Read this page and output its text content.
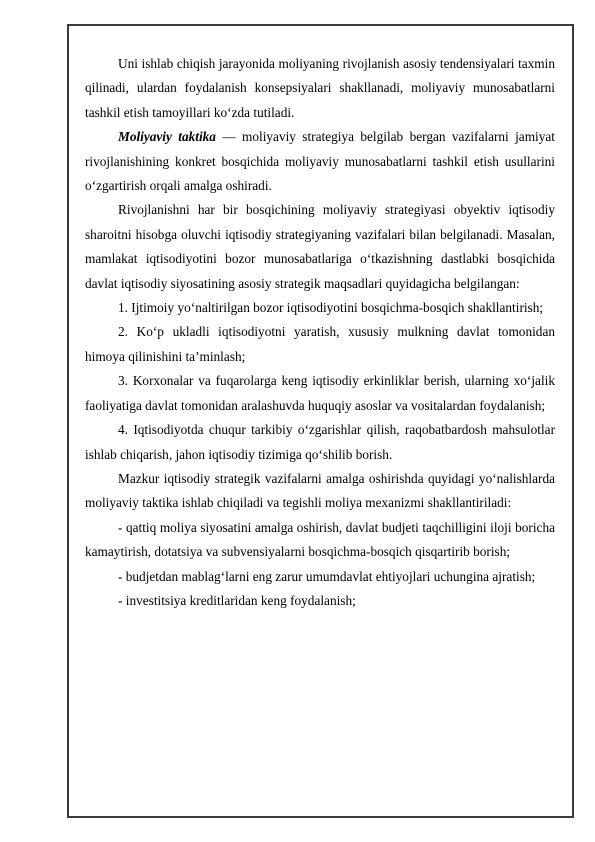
Uni ishlab chiqish jarayonida moliyaning rivojlanish asosiy tendensiyalari taxmin qilinadi, ulardan foydalanish konsepsiyalari shakllanadi, moliyaviy munosabatlarni tashkil etish tamoyillari ko‘zda tutiladi.

Moliyaviy taktika — moliyaviy strategiya belgilab bergan vazifalarni jamiyat rivojlanishining konkret bosqichida moliyaviy munosabatlarni tashkil etish usullarini o‘zgartirish orqali amalga oshiradi.

Rivojlanishni har bir bosqichining moliyaviy strategiyasi obyektiv iqtisodiy sharoitni hisobga oluvchi iqtisodiy strategiyaning vazifalari bilan belgilanadi. Masalan, mamlakat iqtisodiyotini bozor munosabatlariga o‘tkazishning dastlabki bosqichida davlat iqtisodiy siyosatining asosiy strategik maqsadlari quyidagicha belgilangan:

1. Ijtimoiy yo‘naltirilgan bozor iqtisodiyotini bosqichma-bosqich shakllantirish;

2. Ko‘p ukladli iqtisodiyotni yaratish, xususiy mulkning davlat tomonidan himoya qilinishini ta’minlash;

3. Korxonalar va fuqarolarga keng iqtisodiy erkinliklar berish, ularning xo‘jalik faoliyatiga davlat tomonidan aralashuvda huquqiy asoslar va vositalardan foydalanish;

4. Iqtisodiyotda chuqur tarkibiy o‘zgarishlar qilish, raqobatbardosh mahsulotlar ishlab chiqarish, jahon iqtisodiy tizimiga qo‘shilib borish.

Mazkur iqtisodiy strategik vazifalarni amalga oshirishda quyidagi yo‘nalishlarda moliyaviy taktika ishlab chiqiladi va tegishli moliya mexanizmi shakllantiriladi:

- qattiq moliya siyosatini amalga oshirish, davlat budjeti taqchilligini iloji boricha kamaytirish, dotatsiya va subvensiyalarni bosqichma-bosqich qisqartirib borish;

- budjetdan mablag‘larni eng zarur umumdavlat ehtiyojlari uchungina ajratish;

- investitsiya kreditlaridan keng foydalanish;
